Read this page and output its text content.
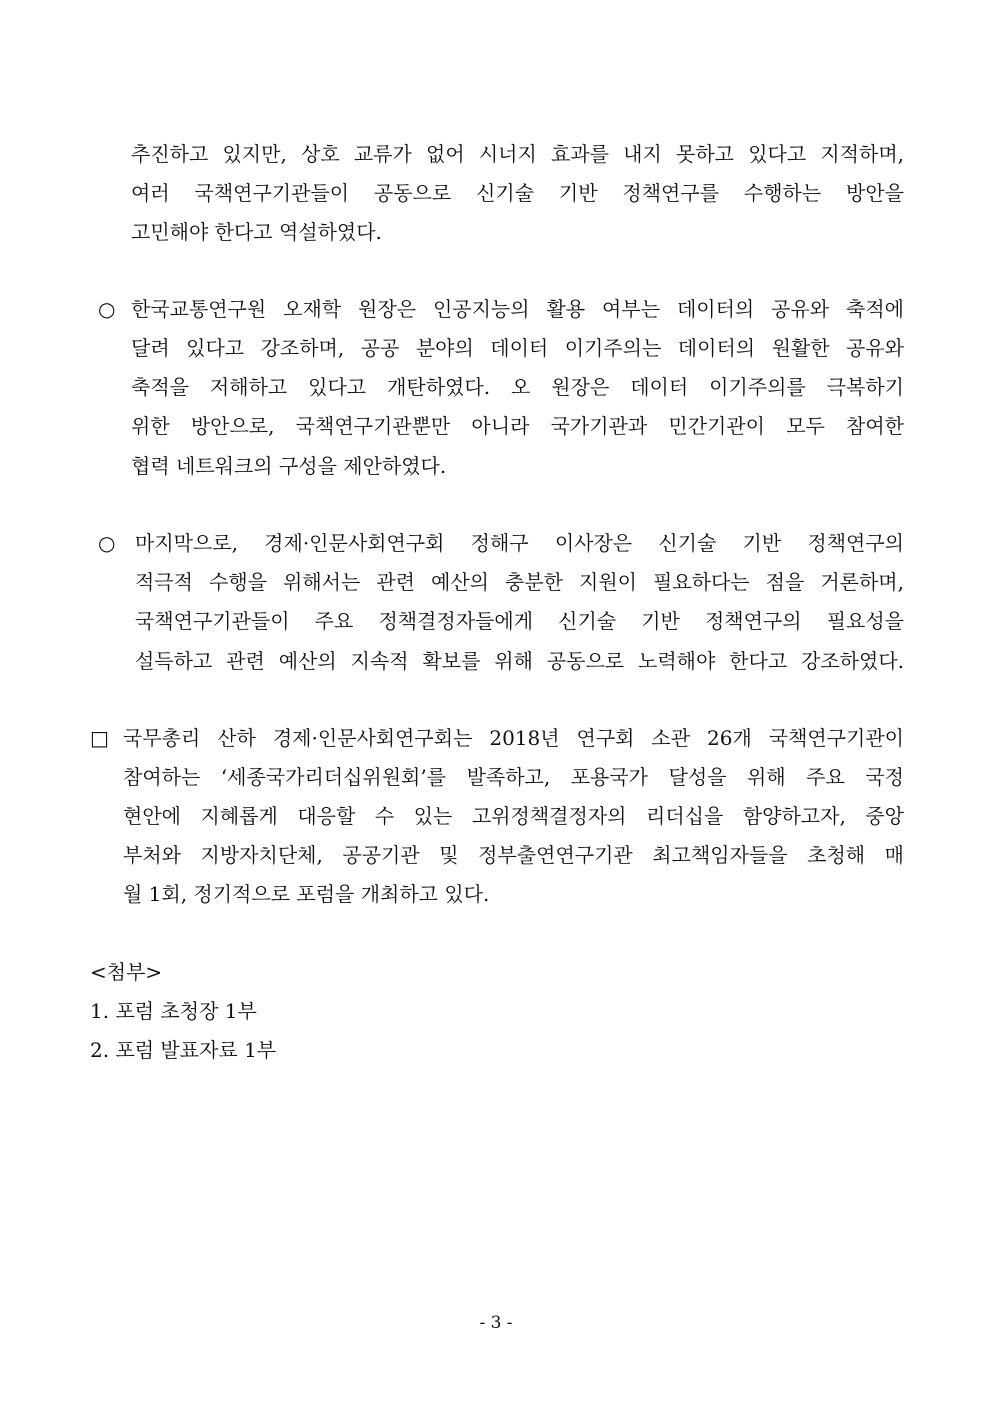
추진하고 있지만, 상호 교류가 없어 시너지 효과를 내지 못하고 있다고 지적하며,
여러 국책연구기관들이 공동으로 신기술 기반 정책연구를 수행하는 방안을
고민해야 한다고 역설하였다.
○ 한국교통연구원 오재학 원장은 인공지능의 활용 여부는 데이터의 공유와 축적에
달려 있다고 강조하며, 공공 분야의 데이터 이기주의는 데이터의 원활한 공유와
축적을 저해하고 있다고 개탄하였다. 오 원장은 데이터 이기주의를 극복하기
위한 방안으로, 국책연구기관뿐만 아니라 국가기관과 민간기관이 모두 참여한
협력 네트워크의 구성을 제안하였다.
○ 마지막으로, 경제·인문사회연구회 정해구 이사장은 신기술 기반 정책연구의
적극적 수행을 위해서는 관련 예산의 충분한 지원이 필요하다는 점을 거론하며,
국책연구기관들이 주요 정책결정자들에게 신기술 기반 정책연구의 필요성을
설득하고 관련 예산의 지속적 확보를 위해 공동으로 노력해야 한다고 강조하였다.
□ 국무총리 산하 경제·인문사회연구회는 2018년 연구회 소관 26개 국책연구기관이
참여하는 ‘세종국가리더십위원회’를 발족하고, 포용국가 달성을 위해 주요 국정
현안에 지혜롭게 대응할 수 있는 고위정책결정자의 리더십을 함양하고자, 중앙
부처와 지방자치단체, 공공기관 및 정부출연연구기관 최고책임자들을 초청해 매
월 1회, 정기적으로 포럼을 개최하고 있다.
<첨부>
1. 포럼 초청장 1부
2. 포럼 발표자료 1부
- 3 -
